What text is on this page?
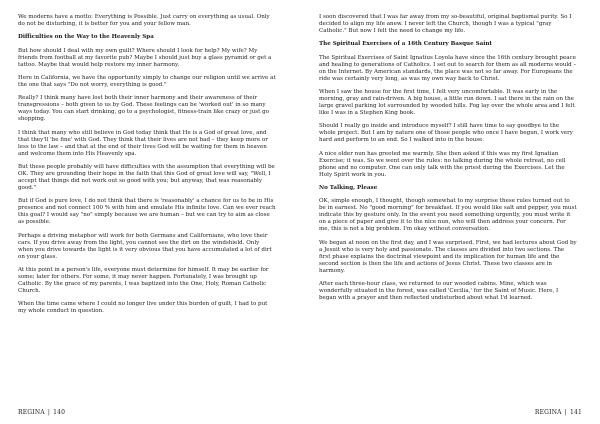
We moderns have a motto: Everything is Possible. Just carry on everything as usual. Only do not be disturbing, it is better for you and your fellow man.

Difficulties on the Way to the Heavenly Spa

But how should I deal with my own guilt? Where should I look for help? My wife? My friends from football at my favorite pub? Maybe I should just buy a glass pyramid or get a tattoo. Maybe that would help restore my inner harmony.

Here in California, we have the opportunity simply to change our religion until we arrive at the one that says "Do not worry, everything is good."

Really? I think many have lost both their inner harmony and their awareness of their transgressions – both given to us by God. These feelings can be 'worked out' in so many ways today. You can start drinking, go to a psychologist, fitness-train like crazy or just go shopping.

I think that many who still believe in God today think that He is a God of great love, and that they'll 'be fine' with God. They think that their lives are not bad – they keep more or less to the law – and that at the end of their lives God will be waiting for them in heaven and welcome them into His Heavenly spa.

But these people probably will have difficulties with the assumption that everything will be OK. They are grounding their hope in the faith that this God of great love will say, "Well, I accept that things did not work out so good with you; but anyway, that was reasonably good."

But if God is pure love, I do not think that there is 'reasonably' a chance for us to be in His presence and not connect 100 % with him and emulate His infinite love. Can we ever reach this goal? I would say "no" simply because we are human – but we can try to aim as close as possible.

Perhaps a driving metaphor will work for both Germans and Californians, who love their cars. If you drive away from the light, you cannot see the dirt on the windshield. Only when you drive towards the light is it very obvious that you have accumulated a lot of dirt on your glass.

At this point in a person's life, everyone must determine for himself. It may be earlier for some; later for others. For some, it may never happen. Fortunately, I was brought up Catholic. By the grace of my parents, I was baptized into the One, Holy, Roman Catholic Church.

When the time came where I could no longer live under this burden of guilt, I had to put my whole conduct in question.

I soon discovered that I was far away from my so-beautiful, original baptismal purity. So I decided to align my life anew. I never left the Church, though I was a typical "gray Catholic." But now I felt the need to change my life.

The Spiritual Exercises of a 16th Century Basque Saint

The Spiritual Exercises of Saint Ignatius Loyola have since the 16th century brought peace and healing to generations of Catholics. I set out to search for them as all moderns would – on the Internet. By American standards, the place was not so far away. For Europeans the ride was certainly very long, as was my own way back to Christ.

When I saw the house for the first time, I felt very uncomfortable. It was early in the morning, gray and rain-driven. A big house, a little run down. I sat there in the rain on the large gravel parking lot surrounded by wooded hills. Fog lay over the whole area and I felt like I was in a Stephen King book.

Should I really go inside and introduce myself? I still have time to say goodbye to the whole project. But I am by nature one of those people who once I have begun, I work very hard and perform to an end. So I walked into in the house.

A nice older nun has greeted me warmly. She then asked if this was my first Ignatian Exercise; it was. So we went over the rules: no talking during the whole retreat, no cell phone and no computer. One can only talk with the priest during the Exercises. Let the Holy Spirit work in you.

No Talking, Please

OK, simple enough, I thought, though somewhat to my surprise these rules turned out to be in earnest. No "good morning" for breakfast. If you would like salt and pepper, you must indicate this by gesture only. In the event you need something urgently, you must write it on a piece of paper and give it to the nice nun, who will then address your concern. For me, this is not a big problem. I'm okay without conversation.

We began at noon on the first day, and I was surprised. First, we had lectures about God by a Jesuit who is very holy and passionate. The classes are divided into two sections. The first phase explains the doctrinal viewpoint and its implication for human life and the second section is then the life and actions of Jesus Christ. These two classes are in harmony.

After each three-hour class, we returned to our wooded cabins. Mine, which was wonderfully situated in the forest, was called 'Cecilia,' for the Saint of Music. Here, I began with a prayer and then reflected undisturbed about what I'd learned.

REGINA | 140	REGINA | 141
